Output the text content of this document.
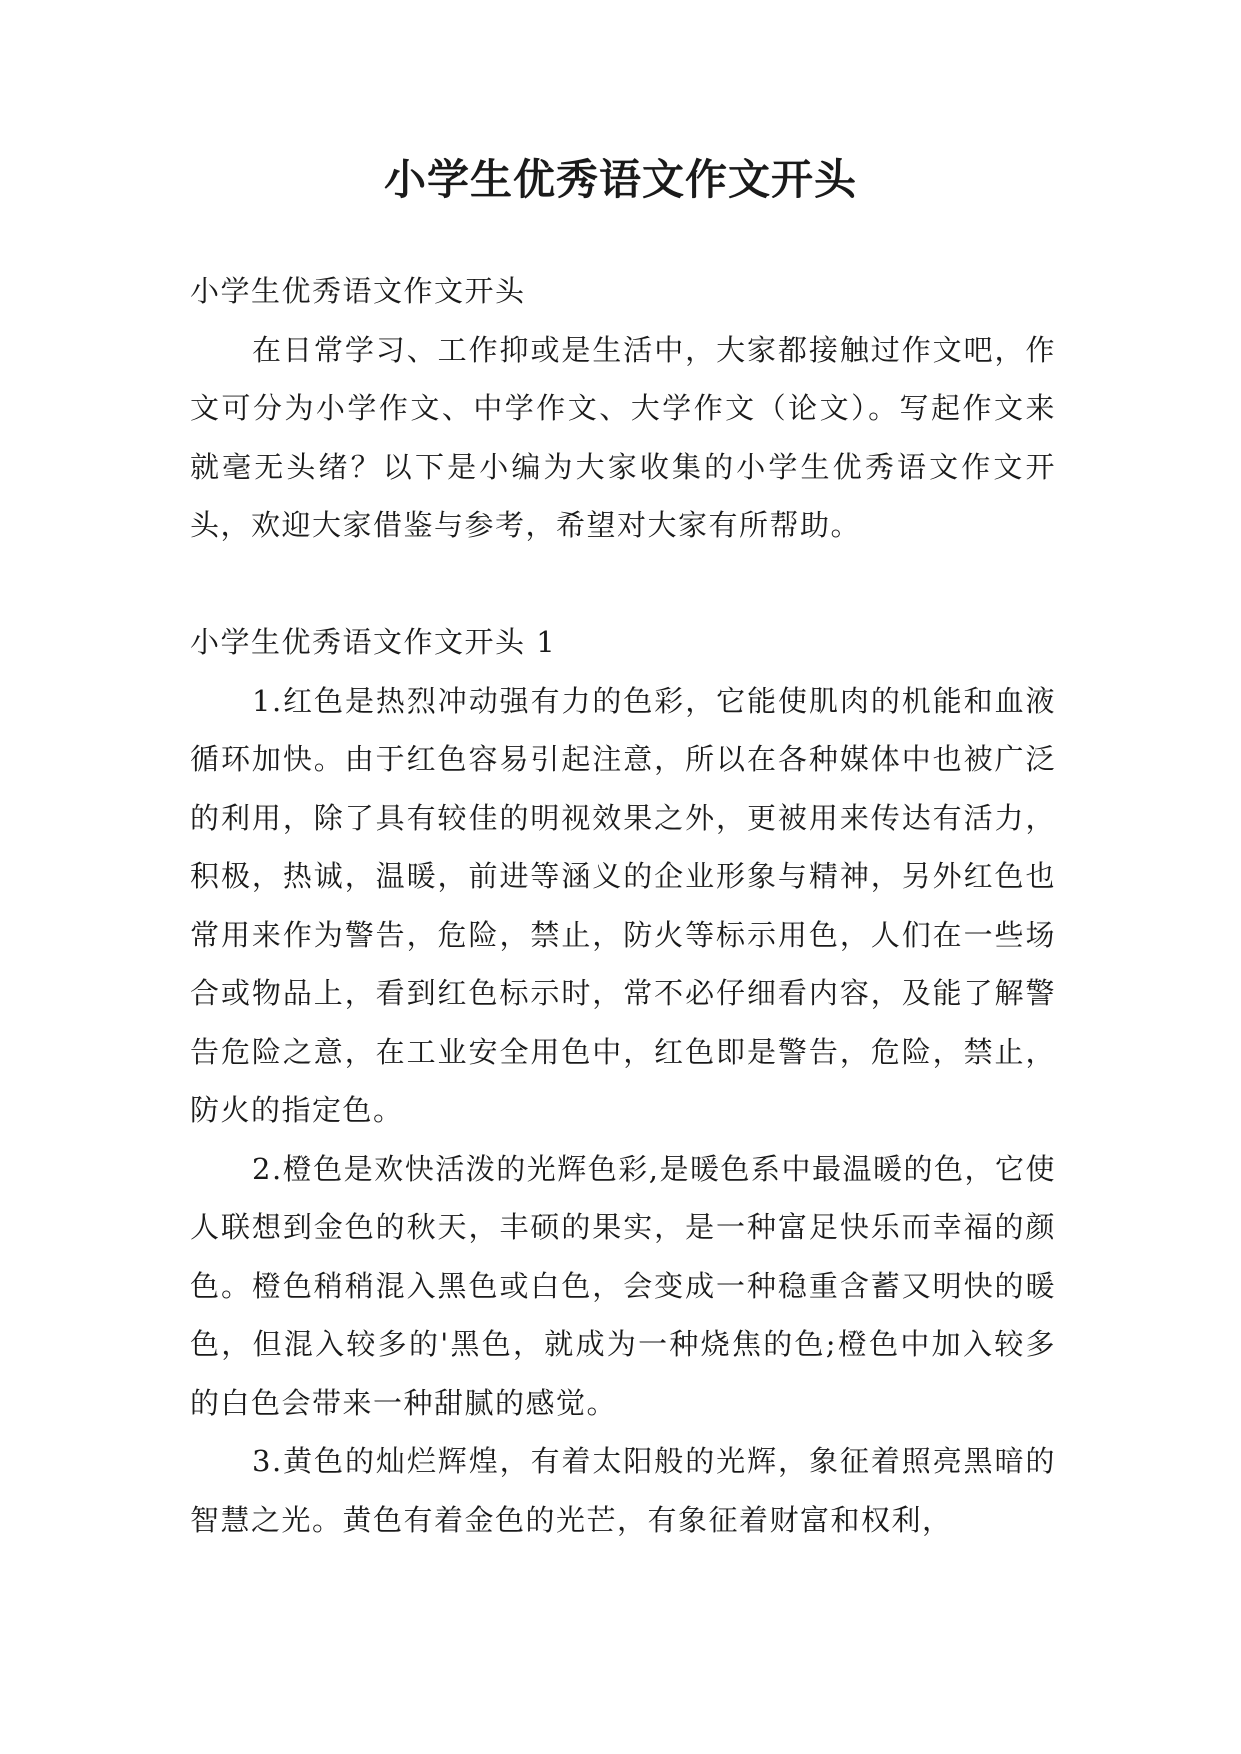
小学生优秀语文作文开头

小学生优秀语文作文开头

在日常学习、工作抑或是生活中，大家都接触过作文吧，作文可分为小学作文、中学作文、大学作文（论文）。写起作文来就毫无头绪？以下是小编为大家收集的小学生优秀语文作文开头，欢迎大家借鉴与参考，希望对大家有所帮助。

小学生优秀语文作文开头 1

1.红色是热烈冲动强有力的色彩，它能使肌肉的机能和血液循环加快。由于红色容易引起注意，所以在各种媒体中也被广泛的利用，除了具有较佳的明视效果之外，更被用来传达有活力，积极，热诚，温暖，前进等涵义的企业形象与精神，另外红色也常用来作为警告，危险，禁止，防火等标示用色，人们在一些场合或物品上，看到红色标示时，常不必仔细看内容，及能了解警告危险之意，在工业安全用色中，红色即是警告，危险，禁止，防火的指定色。

2.橙色是欢快活泼的光辉色彩,是暖色系中最温暖的色，它使人联想到金色的秋天，丰硕的果实，是一种富足快乐而幸福的颜色。橙色稍稍混入黑色或白色，会变成一种稳重含蓄又明快的暖色，但混入较多的'黑色，就成为一种烧焦的色;橙色中加入较多的白色会带来一种甜腻的感觉。

3.黄色的灿烂辉煌，有着太阳般的光辉，象征着照亮黑暗的智慧之光。黄色有着金色的光芒，有象征着财富和权利，
